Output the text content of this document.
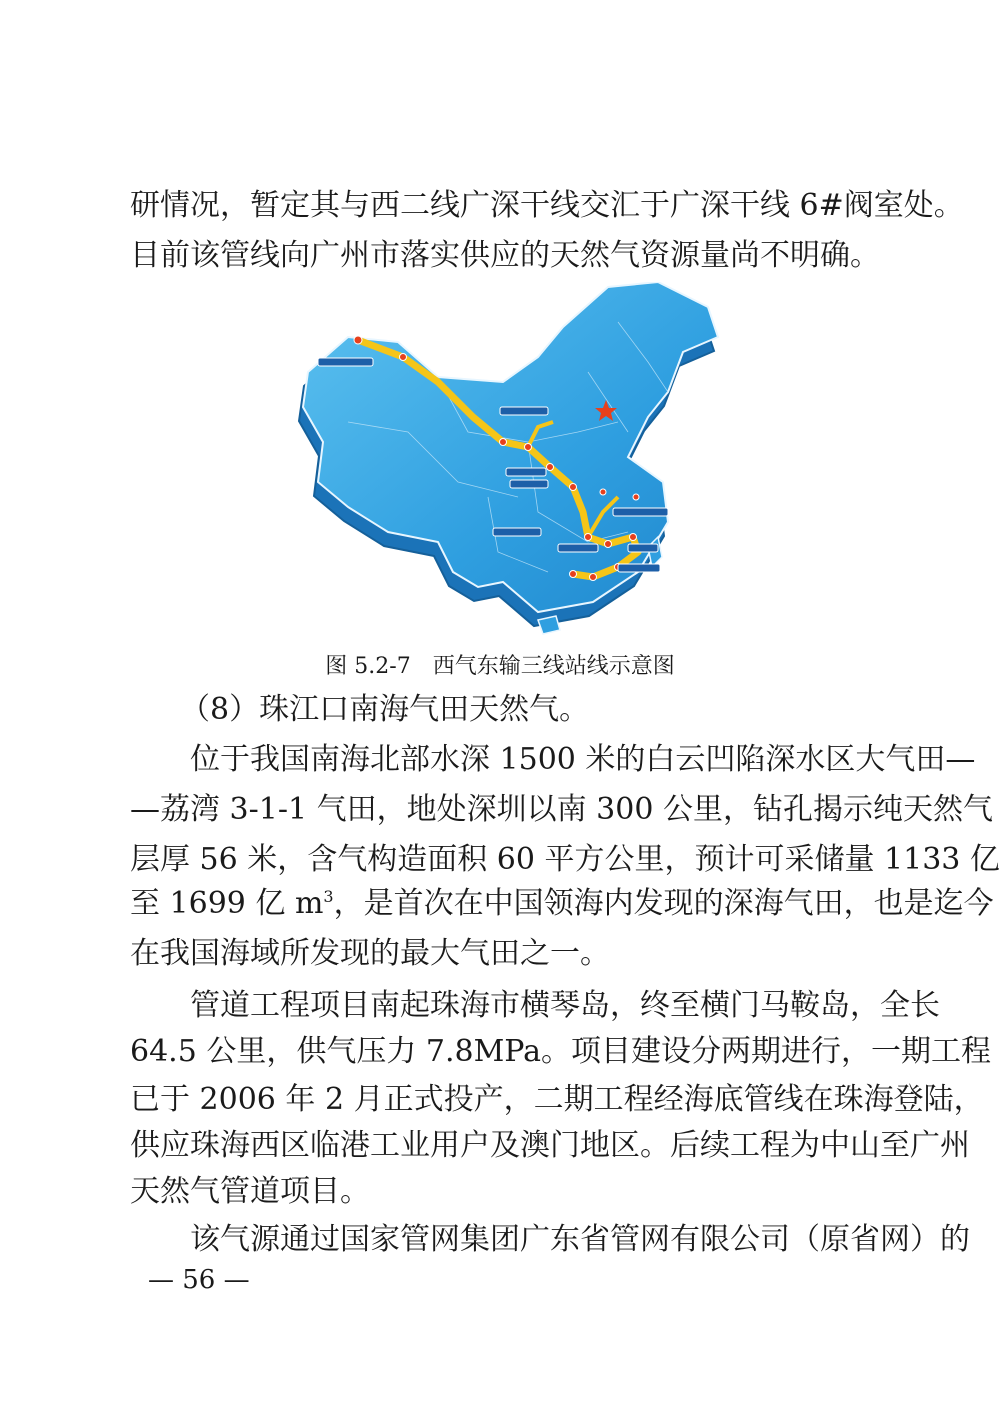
研情况，暂定其与西二线广深干线交汇于广深干线 6#阀室处。
目前该管线向广州市落实供应的天然气资源量尚不明确。
图 5.2-7　西气东输三线站线示意图
（8）珠江口南海气田天然气。
　　位于我国南海北部水深 1500 米的白云凹陷深水区大气田—
—荔湾 3-1-1 气田，地处深圳以南 300 公里，钻孔揭示纯天然气
层厚 56 米，含气构造面积 60 平方公里，预计可采储量 1133 亿
至 1699 亿 $m^3$，是首次在中国领海内发现的深海气田，也是迄今
在我国海域所发现的最大气田之一。
　　管道工程项目南起珠海市横琴岛，终至横门马鞍岛，全长
64.5 公里，供气压力 7.8MPa。项目建设分两期进行，一期工程
已于 2006 年 2 月正式投产，二期工程经海底管线在珠海登陆，
供应珠海西区临港工业用户及澳门地区。后续工程为中山至广州
天然气管道项目。
　　该气源通过国家管网集团广东省管网有限公司（原省网）的
— 56 —
